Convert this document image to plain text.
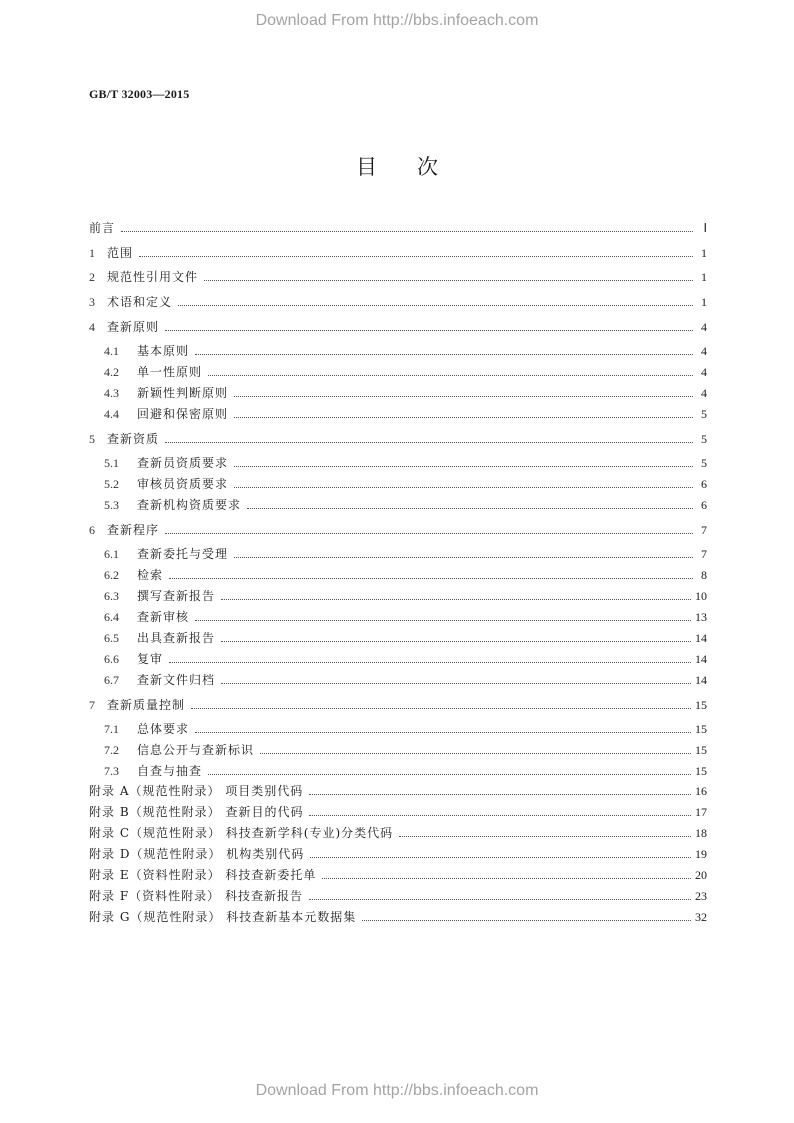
Download From http://bbs.infoeach.com
GB/T 32003—2015
目 次
前言	Ⅰ
1	范围	1
2	规范性引用文件	1
3	术语和定义	1
4	查新原则	4
4.1	基本原则	4
4.2	单一性原则	4
4.3	新颖性判断原则	4
4.4	回避和保密原则	5
5	查新资质	5
5.1	查新员资质要求	5
5.2	审核员资质要求	6
5.3	查新机构资质要求	6
6	查新程序	7
6.1	查新委托与受理	7
6.2	检索	8
6.3	撰写查新报告	10
6.4	查新审核	13
6.5	出具查新报告	14
6.6	复审	14
6.7	查新文件归档	14
7	查新质量控制	15
7.1	总体要求	15
7.2	信息公开与查新标识	15
7.3	自查与抽查	15
附录 A（规范性附录） 项目类别代码	16
附录 B（规范性附录） 查新目的代码	17
附录 C（规范性附录） 科技查新学科(专业)分类代码	18
附录 D（规范性附录） 机构类别代码	19
附录 E（资料性附录） 科技查新委托单	20
附录 F（资料性附录） 科技查新报告	23
附录 G（规范性附录） 科技查新基本元数据集	32
Download From http://bbs.infoeach.com
